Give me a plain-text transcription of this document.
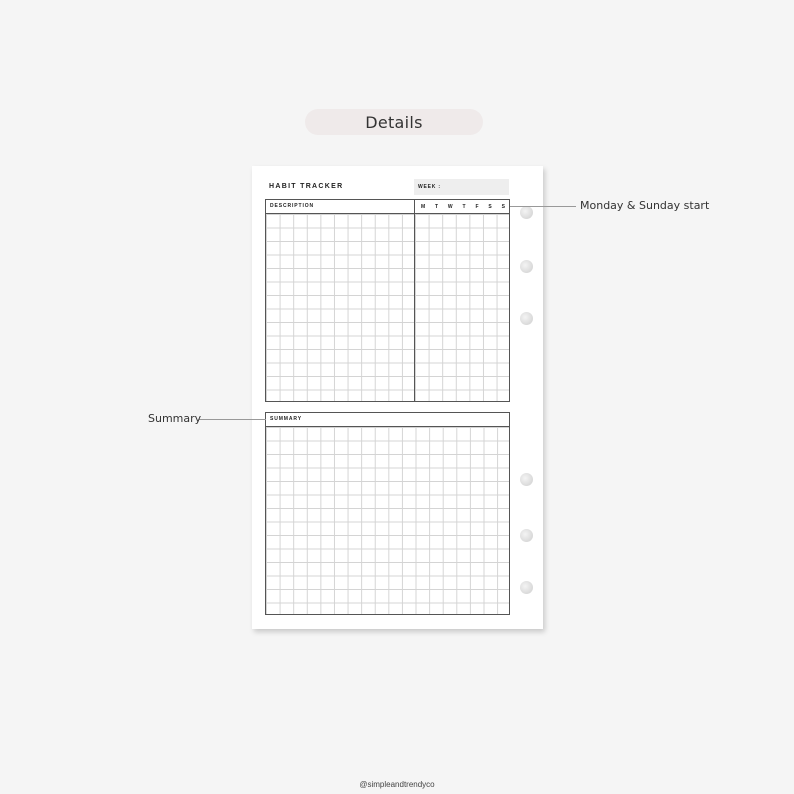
Details
HABIT TRACKER	WEEK :
DESCRIPTION	M T W T F S S
SUMMARY
Monday & Sunday start
Summary
@simpleandtrendyco
